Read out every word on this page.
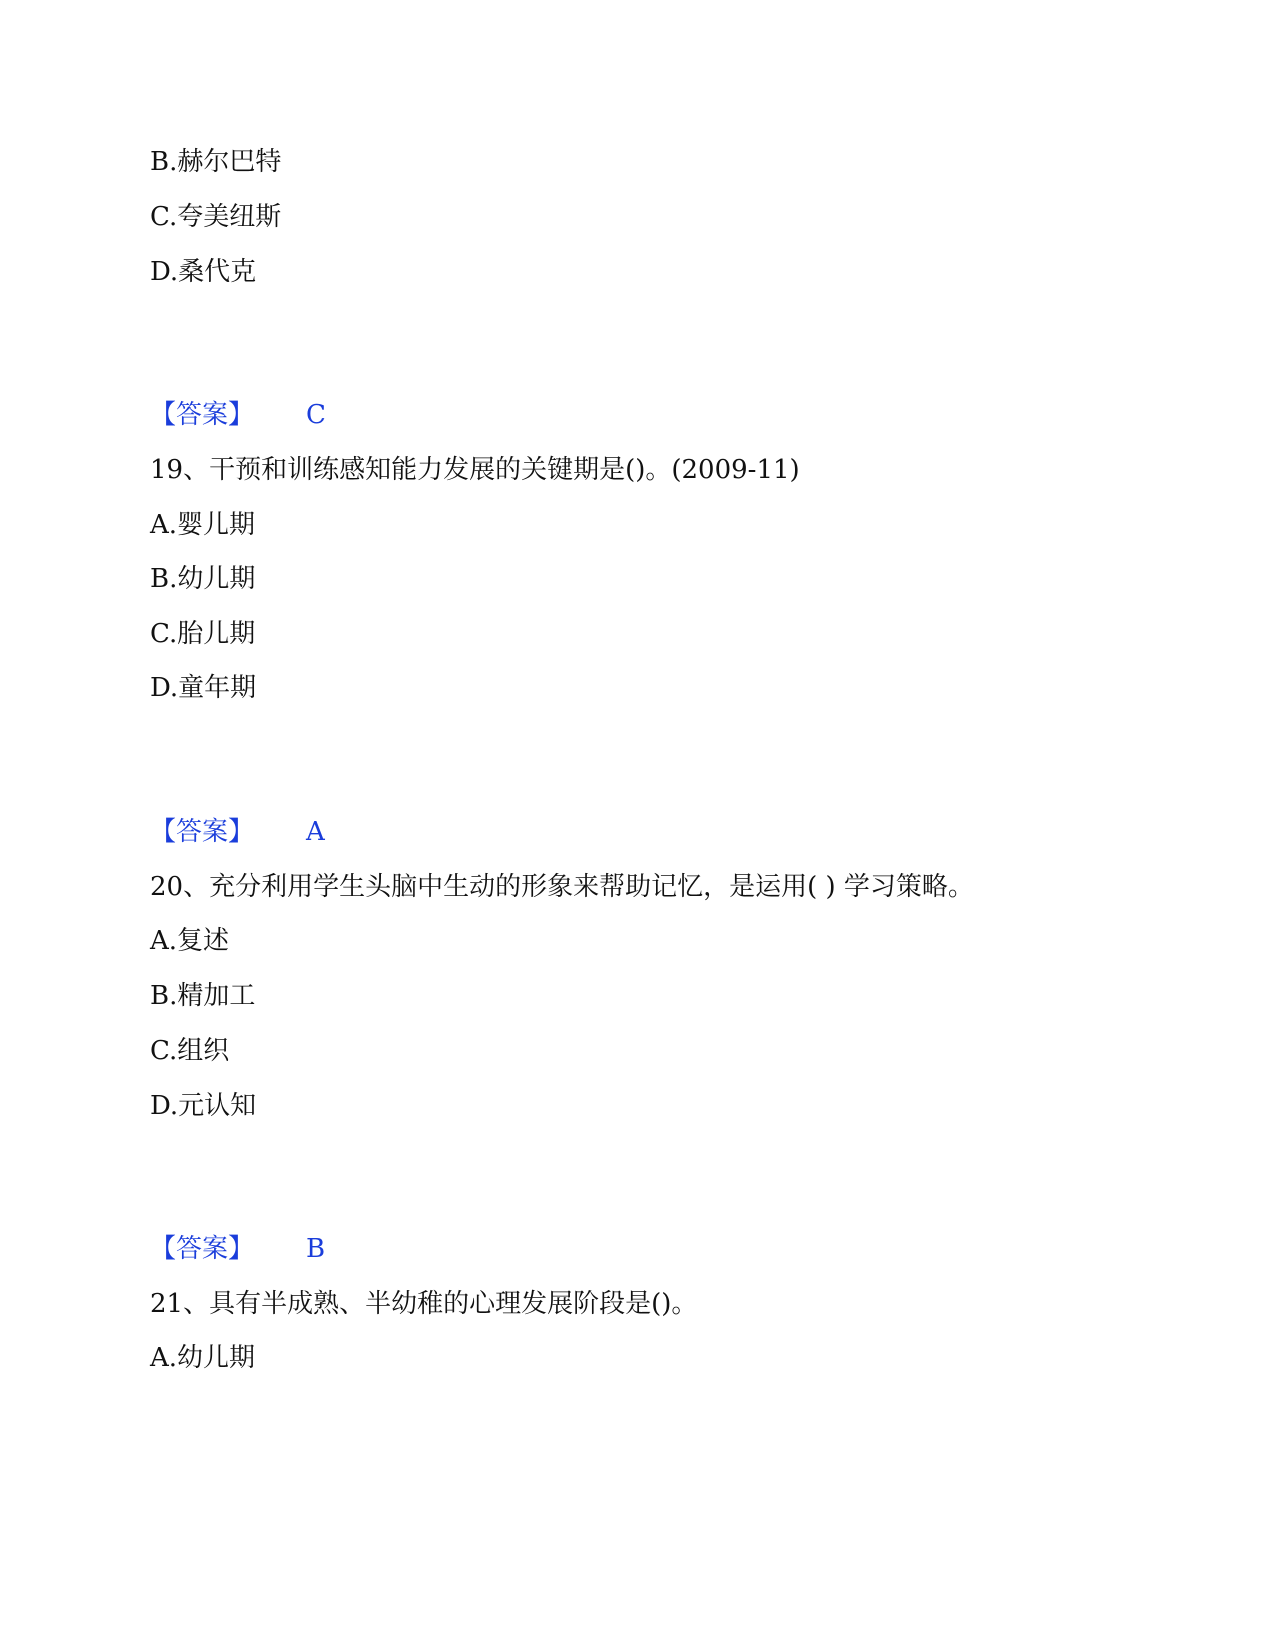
B.赫尔巴特
C.夸美纽斯
D.桑代克
【答案】 C
19、干预和训练感知能力发展的关键期是()。(2009-11)
A.婴儿期
B.幼儿期
C.胎儿期
D.童年期
【答案】 A
20、充分利用学生头脑中生动的形象来帮助记忆，是运用( ) 学习策略。
A.复述
B.精加工
C.组织
D.元认知
【答案】 B
21、具有半成熟、半幼稚的心理发展阶段是()。
A.幼儿期
